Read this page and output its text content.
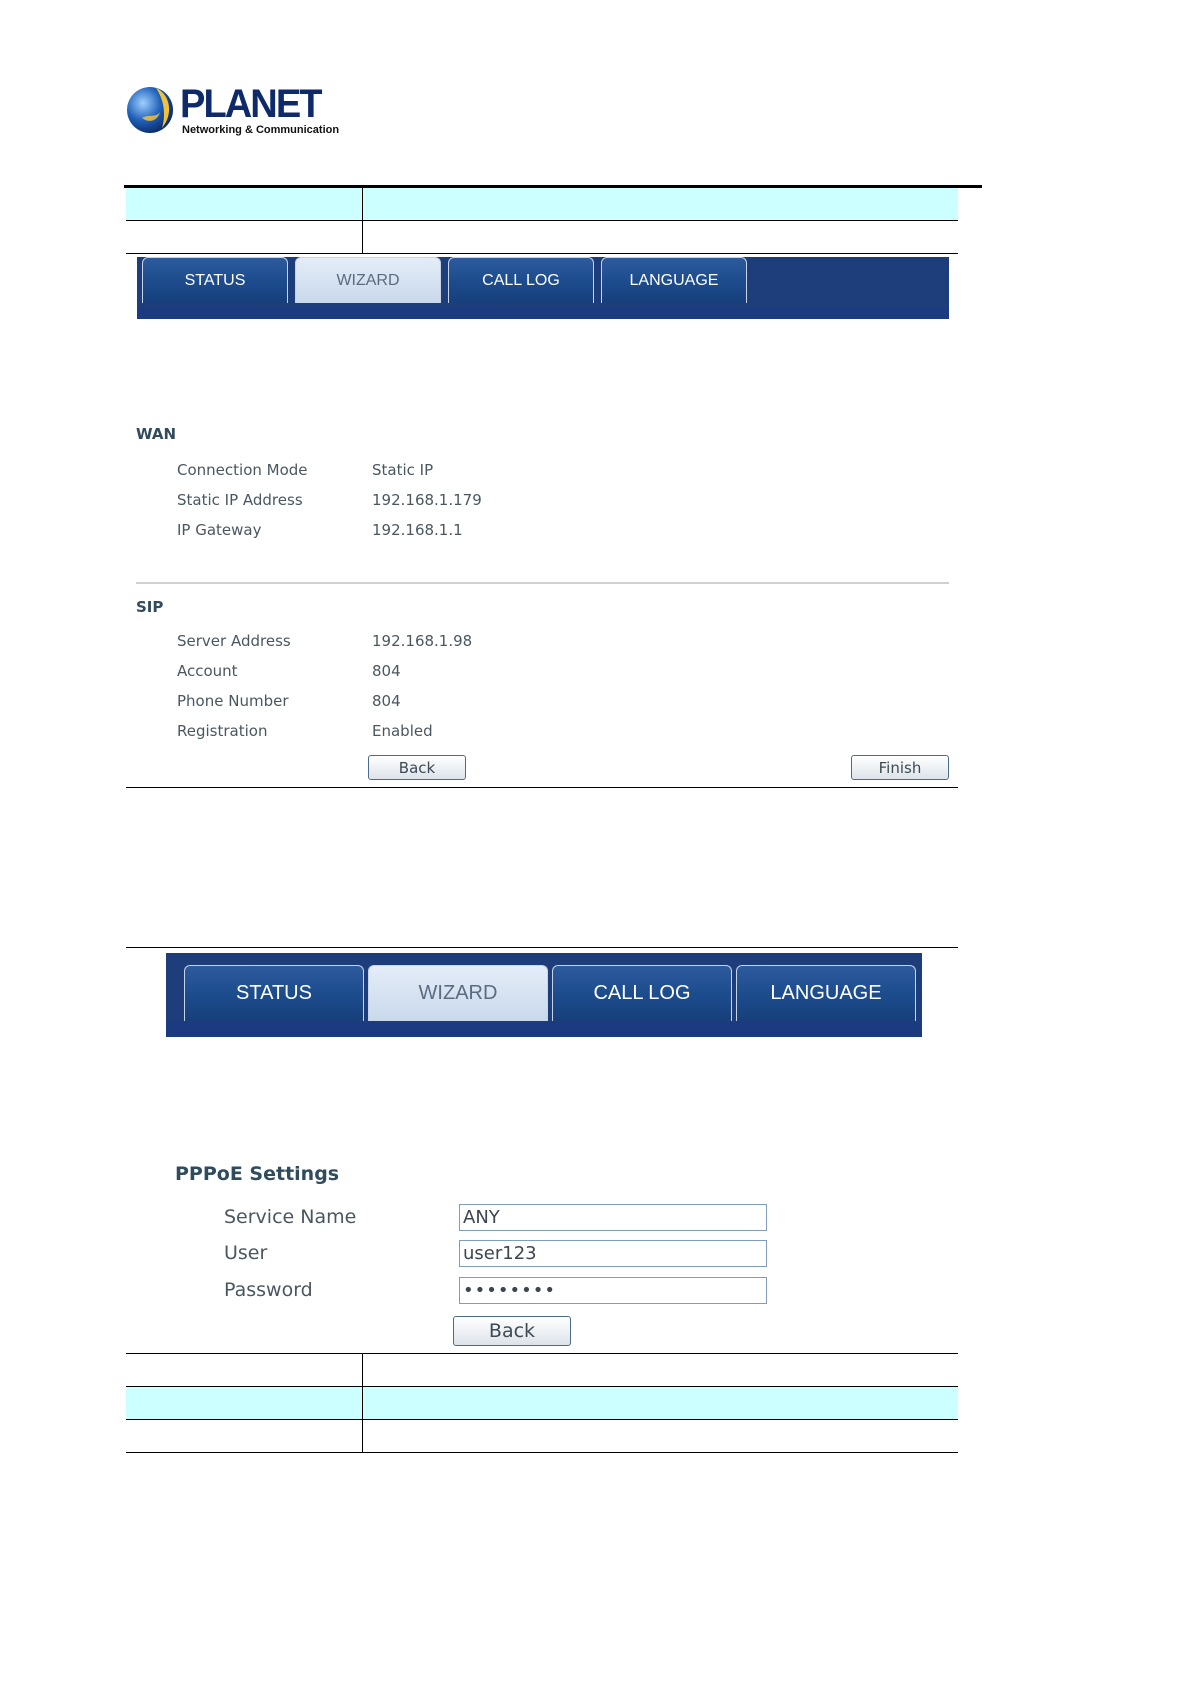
PLANET
Networking & Communication
STATUS	WIZARD	CALL LOG	LANGUAGE
WAN
Connection Mode	Static IP
Static IP Address	192.168.1.179
IP Gateway	192.168.1.1
SIP
Server Address	192.168.1.98
Account	804
Phone Number	804
Registration	Enabled
Back	Finish
STATUS	WIZARD	CALL LOG	LANGUAGE
PPPoE Settings
Service Name	ANY
User	user123
Password	••••••••
Back
